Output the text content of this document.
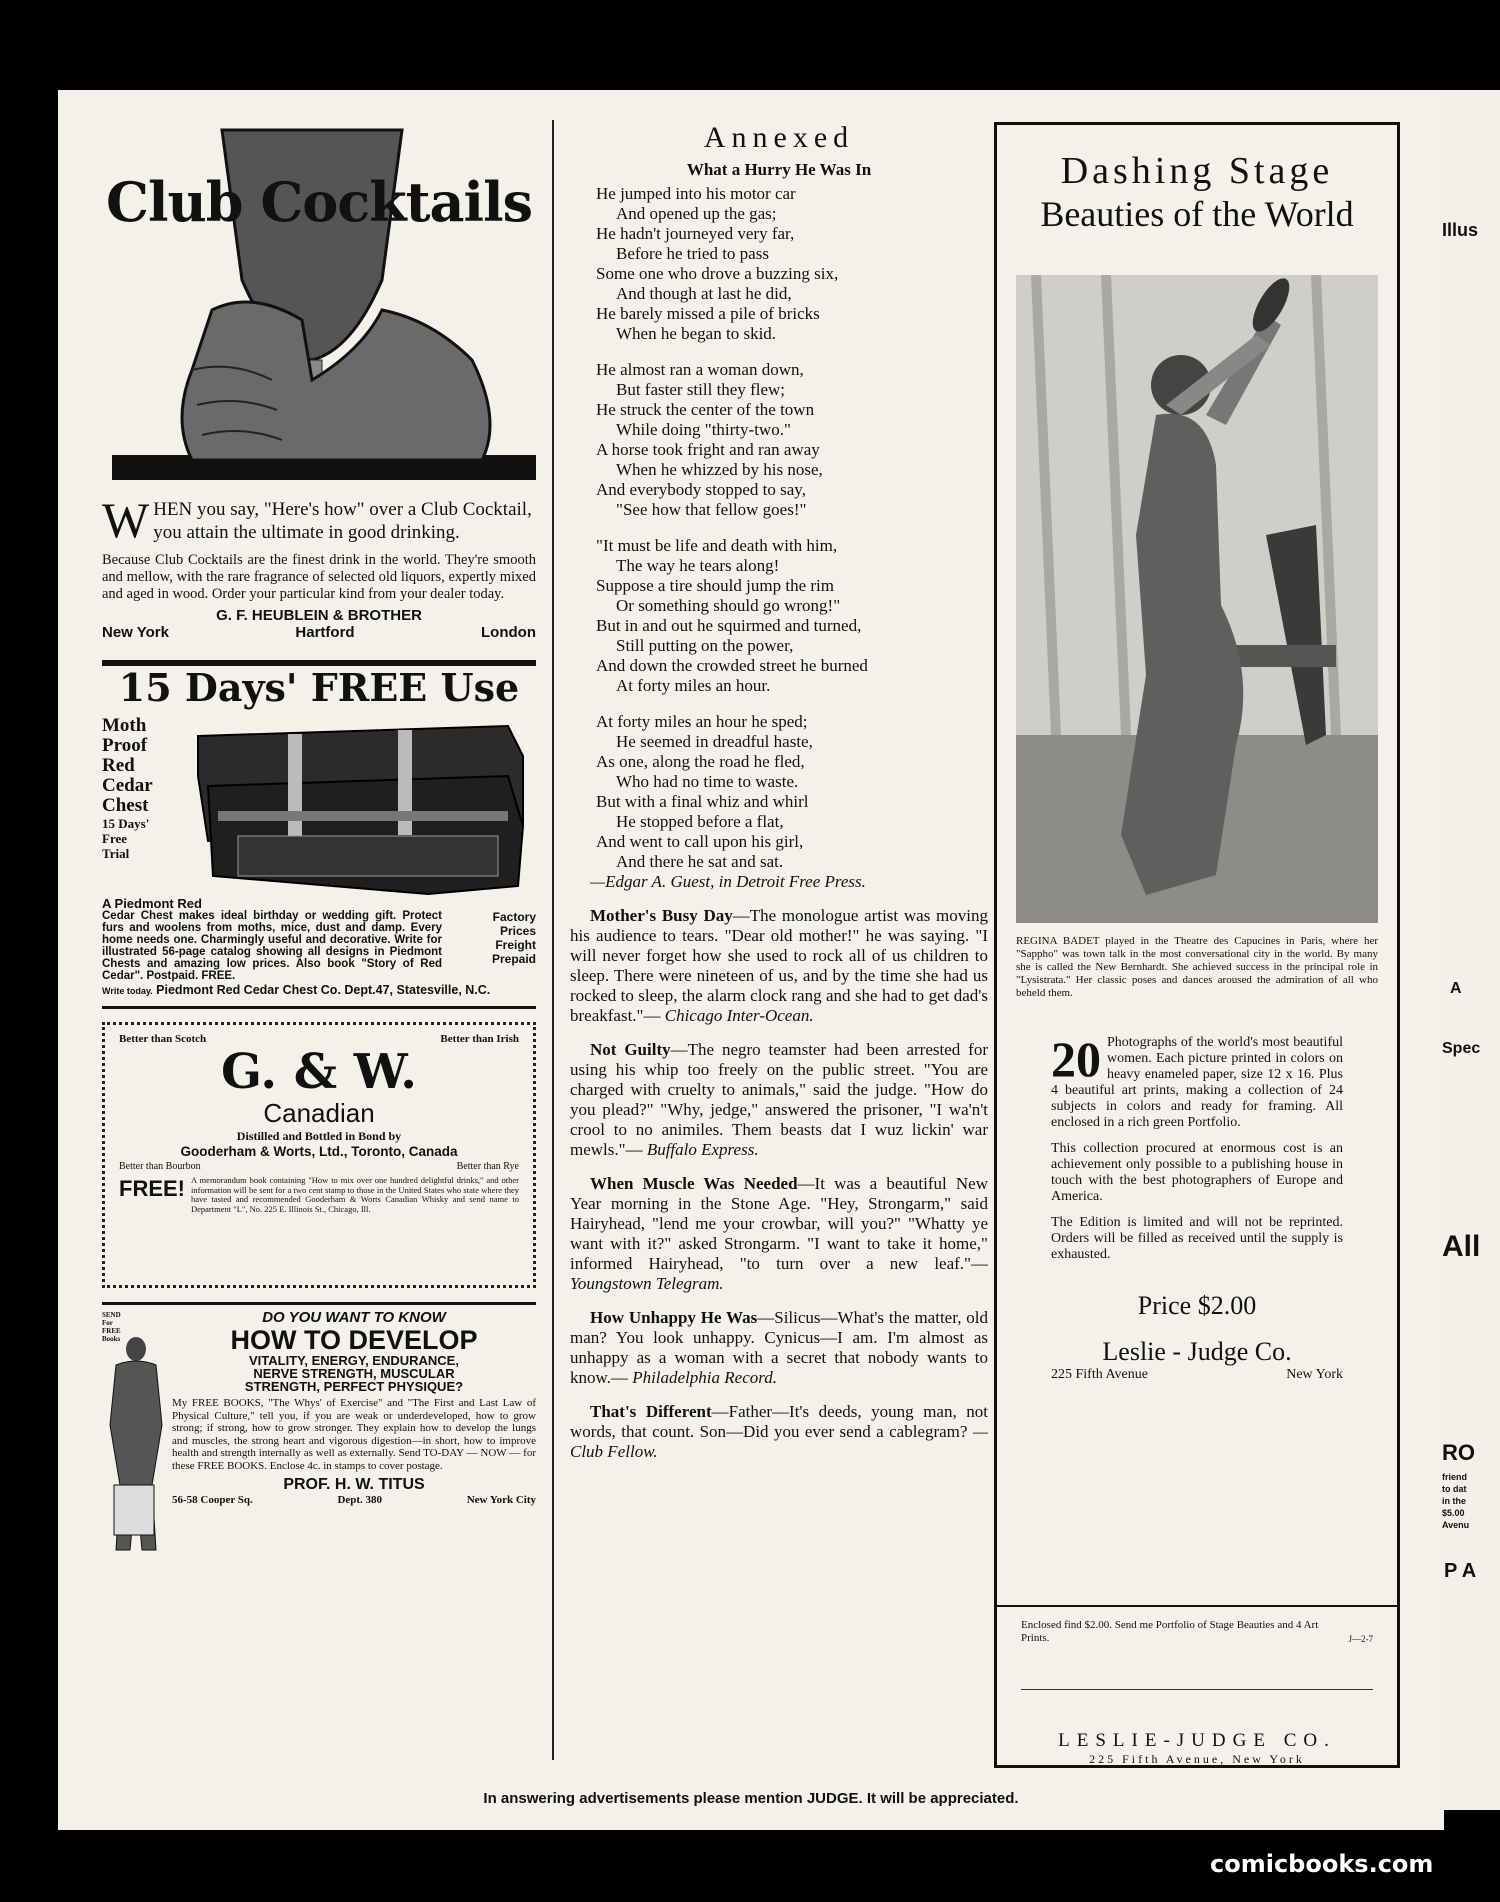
Club Cocktails

W HEN you say, "Here's how" over a Club Cocktail, you attain the ultimate in good drinking.

Because Club Cocktails are the finest drink in the world. They're smooth and mellow, with the rare fragrance of selected old liquors, expertly mixed and aged in wood. Order your particular kind from your dealer today.

G. F. HEUBLEIN & BROTHER

New York	Hartford	London
15 Days' FREE Use
Moth
Proof
Red
Cedar
Chest
15 Days'
Free
Trial
A Piedmont Red
Cedar Chest makes ideal birthday or wedding gift. Protect furs and woolens from moths, mice, dust and damp. Every home needs one. Charmingly useful and decorative. Write for illustrated 56-page catalog showing all designs in Piedmont Chests and amazing low prices. Also book "Story of Red Cedar". Postpaid. FREE.
Factory
Prices
Freight
Prepaid
Write today. Piedmont Red Cedar Chest Co. Dept.47, Statesville, N.C.
Better than Scotch	Better than Irish
G. & W.
Canadian
Distilled and Bottled in Bond by
Gooderham & Worts, Ltd., Toronto, Canada
Better than Bourbon	Better than Rye
FREE! A memorandum book containing "How to mix over one hundred delightful drinks," and other information will be sent for a two cent stamp to those in the United States who state where they have tasted and recommended Gooderham & Worts Canadian Whisky and send name to Department "L", No. 225 E. Illinois St., Chicago, Ill.
SEND For FREE Books
DO YOU WANT TO KNOW
HOW TO DEVELOP
VITALITY, ENERGY, ENDURANCE,
NERVE STRENGTH, MUSCULAR
STRENGTH, PERFECT PHYSIQUE?
My FREE BOOKS, "The Whys' of Exercise" and "The First and Last Law of Physical Culture," tell you, if you are weak or underdeveloped, how to grow strong; if strong, how to grow stronger. They explain how to develop the lungs and muscles, the strong heart and vigorous digestion—in short, how to improve health and strength internally as well as externally. Send TO-DAY — NOW — for these FREE BOOKS. Enclose 4c. in stamps to cover postage.
PROF. H. W. TITUS
56-58 Cooper Sq.	Dept. 380	New York City
Annexed
What a Hurry He Was In

He jumped into his motor car

And opened up the gas;

He hadn't journeyed very far,

Before he tried to pass

Some one who drove a buzzing six,

And though at last he did,

He barely missed a pile of bricks

When he began to skid.

He almost ran a woman down,

But faster still they flew;

He struck the center of the town

While doing "thirty-two."

A horse took fright and ran away

When he whizzed by his nose,

And everybody stopped to say,

"See how that fellow goes!"

"It must be life and death with him,

The way he tears along!

Suppose a tire should jump the rim

Or something should go wrong!"

But in and out he squirmed and turned,

Still putting on the power,

And down the crowded street he burned

At forty miles an hour.

At forty miles an hour he sped;

He seemed in dreadful haste,

As one, along the road he fled,

Who had no time to waste.

But with a final whiz and whirl

He stopped before a flat,

And went to call upon his girl,

And there he sat and sat.

—Edgar A. Guest, in Detroit Free Press.

Mother's Busy Day—The monologue artist was moving his audience to tears. "Dear old mother!" he was saying. "I will never forget how she used to rock all of us children to sleep. There were nineteen of us, and by the time she had us rocked to sleep, the alarm clock rang and she had to get dad's breakfast."— Chicago Inter-Ocean.
Not Guilty—The negro teamster had been arrested for using his whip too freely on the public street. "You are charged with cruelty to animals," said the judge. "How do you plead?" "Why, jedge," answered the prisoner, "I wa'n't crool to no animiles. Them beasts dat I wuz lickin' war mewls."— Buffalo Express.
When Muscle Was Needed—It was a beautiful New Year morning in the Stone Age. "Hey, Strongarm," said Hairyhead, "lend me your crowbar, will you?" "Whatty ye want with it?" asked Strongarm. "I want to take it home," informed Hairyhead, "to turn over a new leaf."— Youngstown Telegram.
How Unhappy He Was—Silicus—What's the matter, old man? You look unhappy. Cynicus—I am. I'm almost as unhappy as a woman with a secret that nobody wants to know.— Philadelphia Record.
That's Different—Father—It's deeds, young man, not words, that count. Son—Did you ever send a cablegram? —Club Fellow.
Dashing Stage
Beauties of the World
REGINA BADET played in the Theatre des Capucines in Paris, where her "Sappho" was town talk in the most conversational city in the world. By many she is called the New Bernhardt. She achieved success in the principal role in "Lysistrata." Her classic poses and dances aroused the admiration of all who beheld them.
20 Photographs of the world's most beautiful women. Each picture printed in colors on heavy enameled paper, size 12 x 16. Plus 4 beautiful art prints, making a collection of 24 subjects in colors and ready for framing. All enclosed in a rich green Portfolio.
This collection procured at enormous cost is an achievement only possible to a publishing house in touch with the best photographers of Europe and America.
The Edition is limited and will not be reprinted. Orders will be filled as received until the supply is exhausted.
Price $2.00
Leslie - Judge Co.
225 Fifth Avenue	New York
Enclosed find $2.00. Send me Portfolio of Stage Beauties and 4 Art Prints.	J—2-7
LESLIE-JUDGE CO.
225 Fifth Avenue, New York
In answering advertisements please mention JUDGE. It will be appreciated.
Illus
A
Spec
All
RO
friend
to dat
in the
$5.00
Avenu
P A
comicbooks.com
